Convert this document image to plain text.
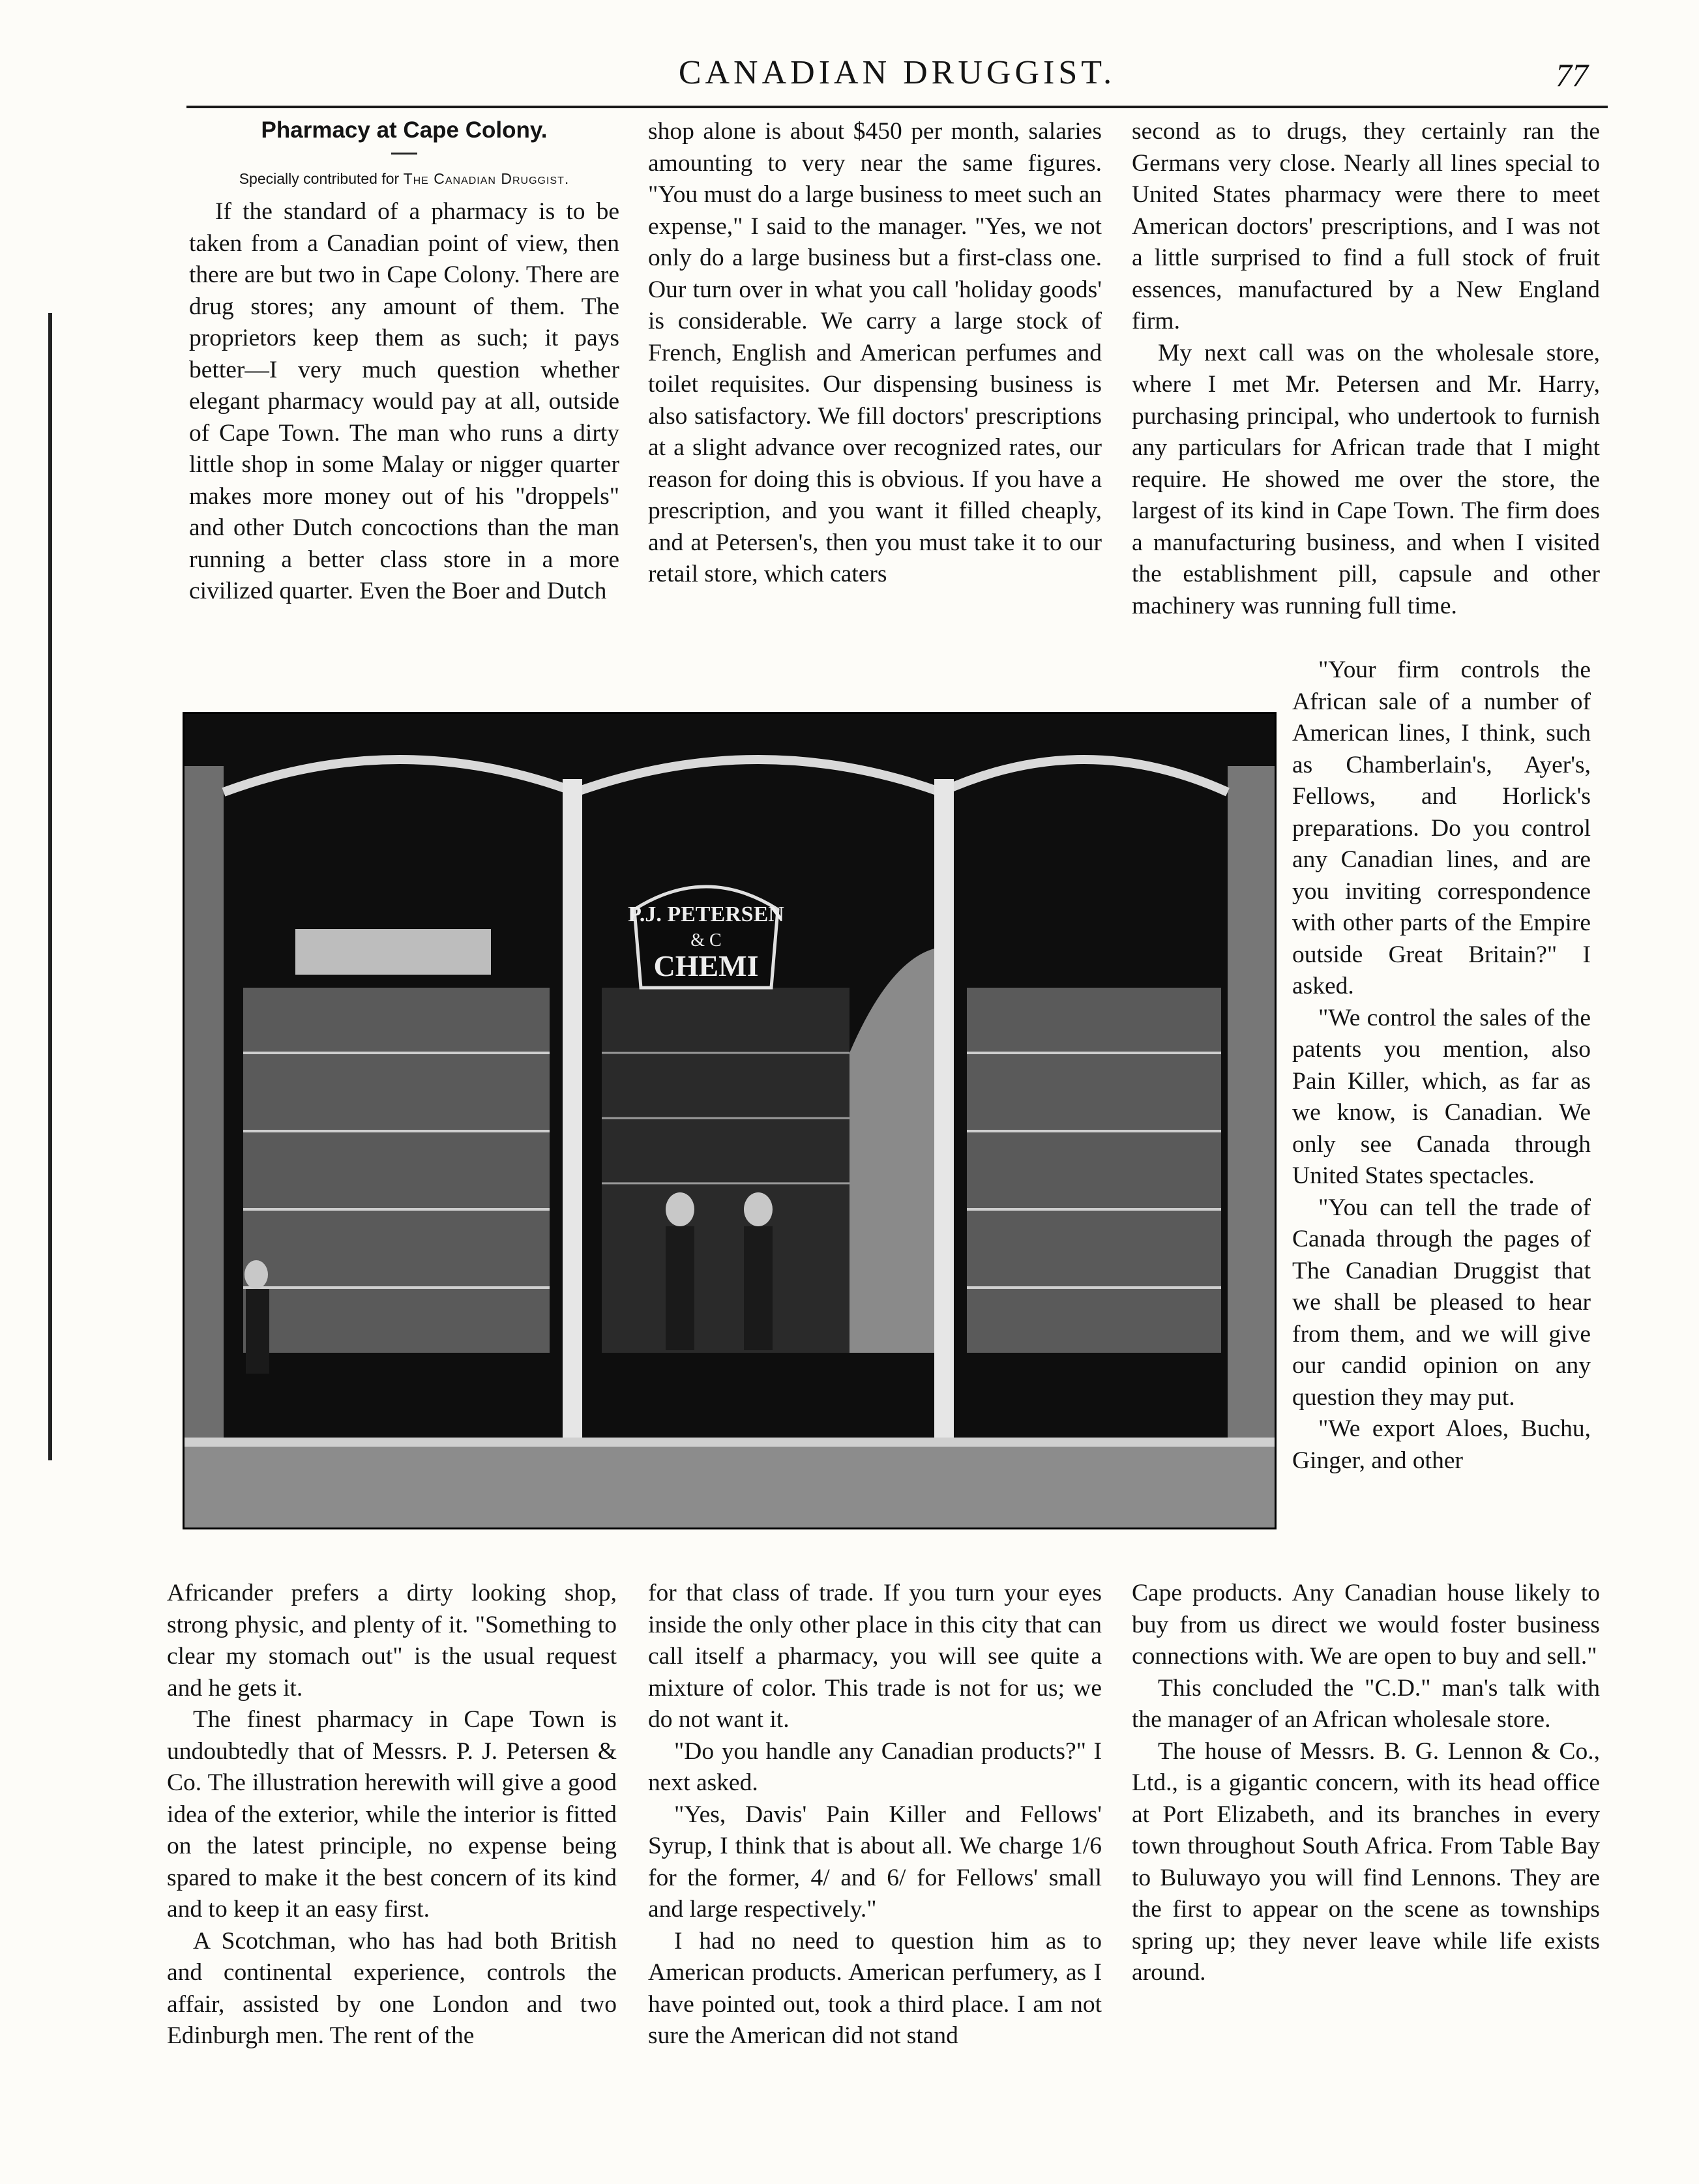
CANADIAN DRUGGIST.	77
Pharmacy at Cape Colony.
Specially contributed for The Canadian Druggist.

If the standard of a pharmacy is to be taken from a Canadian point of view, then there are but two in Cape Colony. There are drug stores; any amount of them. The proprietors keep them as such; it pays better—I very much question whether elegant pharmacy would pay at all, outside of Cape Town. The man who runs a dirty little shop in some Malay or nigger quarter makes more money out of his "droppels" and other Dutch concoctions than the man running a better class store in a more civilized quarter. Even the Boer and Dutch

shop alone is about $450 per month, salaries amounting to very near the same figures. "You must do a large business to meet such an expense," I said to the manager. "Yes, we not only do a large business but a first-class one. Our turn over in what you call 'holiday goods' is considerable. We carry a large stock of French, English and American perfumes and toilet requisites. Our dispensing business is also satisfactory. We fill doctors' prescriptions at a slight advance over recognized rates, our reason for doing this is obvious. If you have a prescription, and you want it filled cheaply, and at Petersen's, then you must take it to our retail store, which caters

second as to drugs, they certainly ran the Germans very close. Nearly all lines special to United States pharmacy were there to meet American doctors' prescriptions, and I was not a little surprised to find a full stock of fruit essences, manufactured by a New England firm.

My next call was on the wholesale store, where I met Mr. Petersen and Mr. Harry, purchasing principal, who undertook to furnish any particulars for African trade that I might require. He showed me over the store, the largest of its kind in Cape Town. The firm does a manufacturing business, and when I visited the establishment pill, capsule and other machinery was running full time.

"Your firm controls the African sale of a number of American lines, I think, such as Chamberlain's, Ayer's, Fellows, and Horlick's preparations. Do you control any Canadian lines, and are you inviting correspondence with other parts of the Empire outside Great Britain?" I asked.

"We control the sales of the patents you mention, also Pain Killer, which, as far as we know, is Canadian. We only see Canada through United States spectacles.

"You can tell the trade of Canada through the pages of The Canadian Druggist that we shall be pleased to hear from them, and we will give our candid opinion on any question they may put.

"We export Aloes, Buchu, Ginger, and other

P.J. PETERSEN
& C
CHEMI

Africander prefers a dirty looking shop, strong physic, and plenty of it. "Something to clear my stomach out" is the usual request and he gets it.

The finest pharmacy in Cape Town is undoubtedly that of Messrs. P. J. Petersen & Co. The illustration herewith will give a good idea of the exterior, while the interior is fitted on the latest principle, no expense being spared to make it the best concern of its kind and to keep it an easy first.

A Scotchman, who has had both British and continental experience, controls the affair, assisted by one London and two Edinburgh men. The rent of the

for that class of trade. If you turn your eyes inside the only other place in this city that can call itself a pharmacy, you will see quite a mixture of color. This trade is not for us; we do not want it.

"Do you handle any Canadian products?" I next asked.

"Yes, Davis' Pain Killer and Fellows' Syrup, I think that is about all. We charge 1/6 for the former, 4/ and 6/ for Fellows' small and large respectively."

I had no need to question him as to American products. American perfumery, as I have pointed out, took a third place. I am not sure the American did not stand

Cape products. Any Canadian house likely to buy from us direct we would foster business connections with. We are open to buy and sell."

This concluded the "C.D." man's talk with the manager of an African wholesale store.

The house of Messrs. B. G. Lennon & Co., Ltd., is a gigantic concern, with its head office at Port Elizabeth, and its branches in every town throughout South Africa. From Table Bay to Buluwayo you will find Lennons. They are the first to appear on the scene as townships spring up; they never leave while life exists around.
